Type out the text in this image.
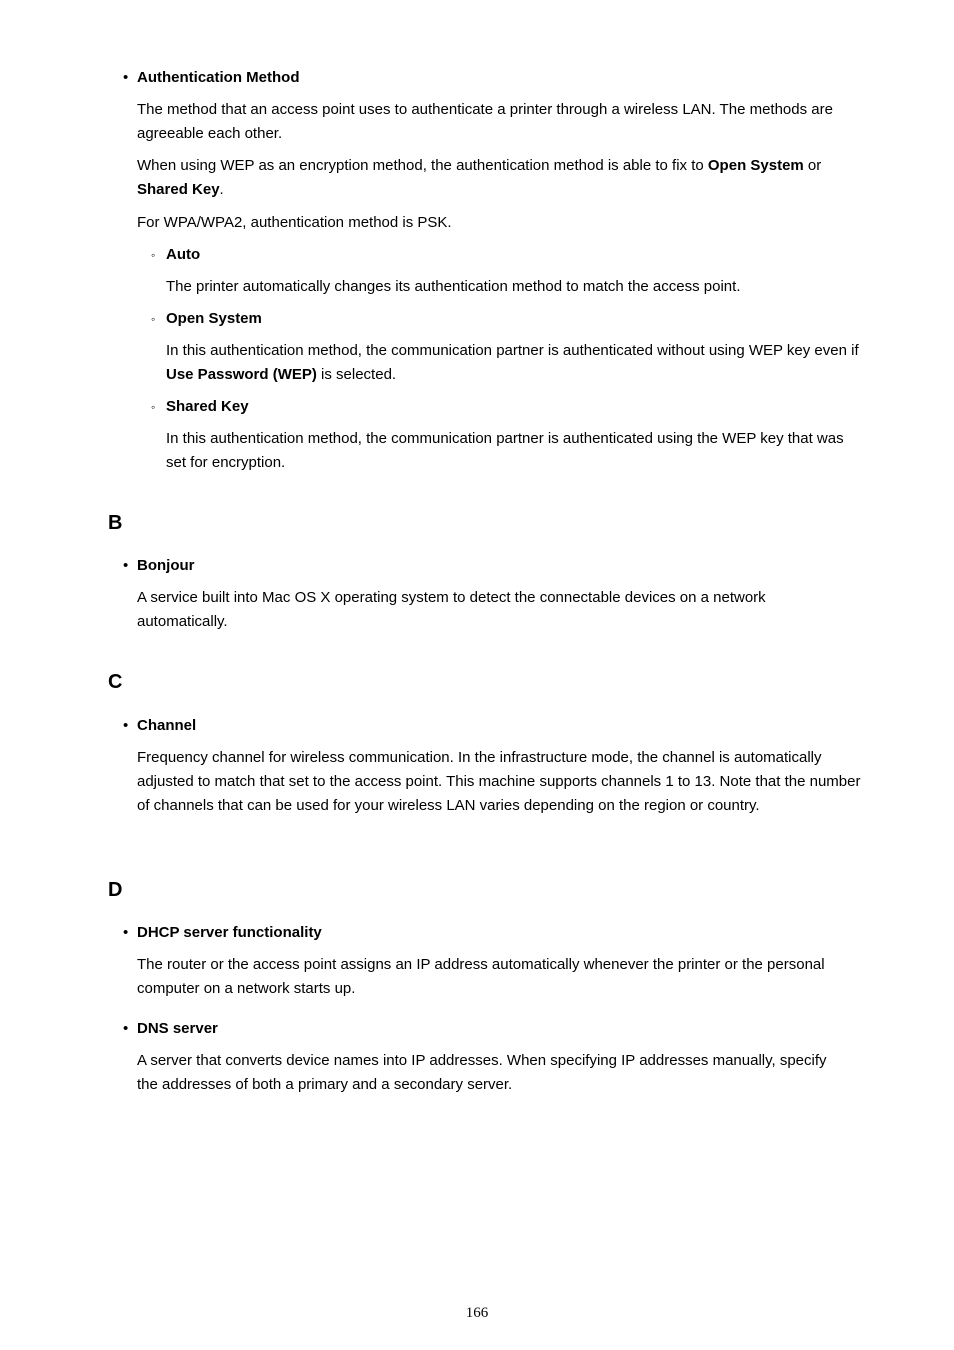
• Authentication Method

The method that an access point uses to authenticate a printer through a wireless LAN. The methods are agreeable each other.

When using WEP as an encryption method, the authentication method is able to fix to Open System or Shared Key.

For WPA/WPA2, authentication method is PSK.

◦ Auto

The printer automatically changes its authentication method to match the access point.

◦ Open System

In this authentication method, the communication partner is authenticated without using WEP key even if Use Password (WEP) is selected.

◦ Shared Key

In this authentication method, the communication partner is authenticated using the WEP key that was set for encryption.

B
• Bonjour

A service built into Mac OS X operating system to detect the connectable devices on a network automatically.

C
• Channel

Frequency channel for wireless communication. In the infrastructure mode, the channel is automatically adjusted to match that set to the access point. This machine supports channels 1 to 13. Note that the number of channels that can be used for your wireless LAN varies depending on the region or country.

D
• DHCP server functionality

The router or the access point assigns an IP address automatically whenever the printer or the personal computer on a network starts up.

• DNS server

A server that converts device names into IP addresses. When specifying IP addresses manually, specify the addresses of both a primary and a secondary server.

166
